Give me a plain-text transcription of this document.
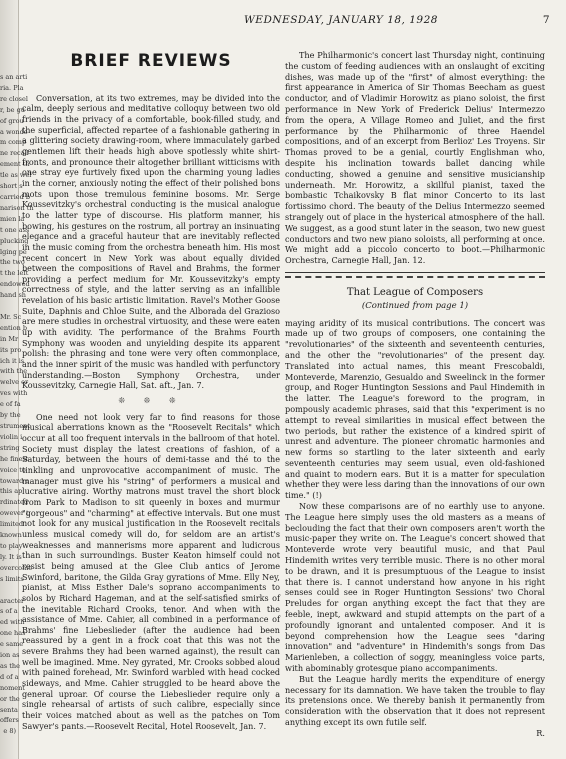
s an arti
ria. Pla
re closel
r, be gu
of grou
a wonde
m comp
ne recall
ement th
tle as wel
short s
carried b
narison th
mien la
t one ass
plucking
lging pe
the two
t the left
endowed
hand sh

Mr. Sc
ention b
in Mr
its pro
ich it is
with the
welve or
ves with
e of fa
by the
strument
violin i
string
he finest
voice to
toward a
this ap
rdinated
owever t
limited
known
to play
ly. It is
overcome
s limits

aracter
s of a
ed with
one has
e same
ion as
as the
d of a
noment
or the
senta
offers
e 8)
WEDNESDAY, JANUARY 18, 1928	7
BRIEF REVIEWS

Conversation, at its two extremes, may be divided into the calm, deeply serious and meditative colloquy between two old friends in the privacy of a comfortable, book-filled study, and the superficial, affected repartee of a fashionable gathering in a glittering society drawing-room, where immaculately garbed gentlemen lift their heads high above spotlessly white shirt-fronts, and pronounce their altogether brilliant witticisms with one stray eye furtively fixed upon the charming young ladies in the corner, anxiously noting the effect of their polished bons mots upon those tremulous feminine bosoms. Mr. Serge Koussevitzky's orchestral conducting is the musical analogue to the latter type of discourse. His platform manner, his bowing, his gestures on the rostrum, all portray an insinuating elegance and a graceful hauteur that are inevitably reflected in the music coming from the orchestra beneath him. His most recent concert in New York was about equally divided between the compositions of Ravel and Brahms, the former providing a perfect medium for Mr. Koussevitzky's empty correctness of style, and the latter serving as an infallible revelation of his basic artistic limitation. Ravel's Mother Goose Suite, Daphnis and Chloe Suite, and the Alborada del Grazioso are mere studies in orchestral virtuosity, and these were eaten up with avidity. The performance of the Brahms Fourth Symphony was wooden and unyielding despite its apparent polish: the phrasing and tone were very often commonplace, and the inner spirit of the music was handled with perfunctory understanding.—Boston Symphony Orchestra, under Koussevitzky, Carnegie Hall, Sat. aft., Jan. 7.

❊ ❊ ❊

One need not look very far to find reasons for those musical aberrations known as the "Roosevelt Recitals" which occur at all too frequent intervals in the ballroom of that hotel. Society must display the latest creations of fashion, of a Saturday, between the hours of demi-tasse and thé to the tinkling and unprovocative accompaniment of music. The manager must give his "string" of performers a musical and lucrative airing. Worthy matrons must travel the short block from Park to Madison to sit queenly in boxes and murmur "gorgeous" and "charming" at effective intervals. But one must not look for any musical justification in the Roosevelt recitals unless musical comedy will do, for seldom are an artist's weaknesses and mannerisms more apparent and ludicrous than in such surroundings. Buster Keaton himself could not resist being amused at the Glee Club antics of Jerome Swinford, baritone, the Gilda Gray gyrations of Mme. Elly Ney, pianist, at Miss Esther Dale's soprano accompaniments to solos by Richard Hageman, and at the self-satisfied smirks of the inevitable Richard Crooks, tenor. And when with the assistance of Mme. Cahier, all combined in a performance of Brahms' fine Liebeslieder (after the audience had been reassured by a gent in a frock coat that this was not the severe Brahms they had been warned against), the result can well be imagined. Mme. Ney gyrated, Mr. Crooks sobbed aloud with pained forehead, Mr. Swinford warbled with head cocked sideways, and Mme. Cahier struggled to be heard above the general uproar. Of course the Liebeslieder require only a single rehearsal of artists of such calibre, especially since their voices matched about as well as the patches on Tom Sawyer's pants.—Roosevelt Recital, Hotel Roosevelt, Jan. 7.

The Philharmonic's concert last Thursday night, continuing the custom of feeding audiences with an onslaught of exciting dishes, was made up of the "first" of almost everything: the first appearance in America of Sir Thomas Beecham as guest conductor, and of Vladimir Horowitz as piano soloist, the first performance in New York of Frederick Delius' Intermezzo from the opera, A Village Romeo and Juliet, and the first performance by the Philharmonic of three Haendel compositions, and of an excerpt from Berlioz' Les Troyens. Sir Thomas proved to be a genial, courtly Englishman who, despite his inclination towards ballet dancing while conducting, showed a genuine and sensitive musicianship underneath. Mr. Horowitz, a skillful pianist, taxed the bombastic Tchaikovsky B flat minor Concerto to its last fortissimo chord. The beauty of the Delius Intermezzo seemed strangely out of place in the hysterical atmosphere of the hall. We suggest, as a good stunt later in the season, two new guest conductors and two new piano soloists, all performing at once. We might add a piccolo concerto to boot.—Philharmonic Orchestra, Carnegie Hall, Jan. 12.

That League of Composers
(Continued from page 1)

maying aridity of its musical contributions. The concert was made up of two groups of composers, one containing the "revolutionaries" of the sixteenth and seventeenth centuries, and the other the "revolutionaries" of the present day. Translated into actual names, this meant Frescobaldi, Monteverde, Marenzio, Gesualdo and Sweelinck in the former group, and Roger Huntington Sessions and Paul Hindemith in the latter. The League's foreword to the program, in pompously academic phrases, said that this "experiment is no attempt to reveal similarities in musical effect between the two periods, but rather the existence of a kindred spirit of unrest and adventure. The pioneer chromatic harmonies and new forms so startling to the later sixteenth and early seventeenth centuries may seem usual, even old-fashioned and quaint to modern ears. But it is a matter for speculation whether they were less daring than the innovations of our own time." (!)

Now these comparisons are of no earthly use to anyone. The League here simply uses the old masters as a means of beclouding the fact that their own composers aren't worth the music-paper they write on. The League's concert showed that Monteverde wrote very beautiful music, and that Paul Hindemith writes very terrible music. There is no other moral to be drawn, and it is presumptuous of the League to insist that there is. I cannot understand how anyone in his right senses could see in Roger Huntington Sessions' two Choral Preludes for organ anything except the fact that they are feeble, inept, awkward and stupid attempts on the part of a profoundly ignorant and untalented composer. And it is beyond comprehension how the League sees "daring innovation" and "adventure" in Hindemith's songs from Das Marienleben, a collection of soggy, meaningless voice parts, with abominably grotesque piano accompaniments.

But the League hardly merits the expenditure of energy necessary for its damnation. We have taken the trouble to flay its pretensions once. We thereby banish it permanently from consideration with the observation that it does not represent anything except its own futile self.

R.
